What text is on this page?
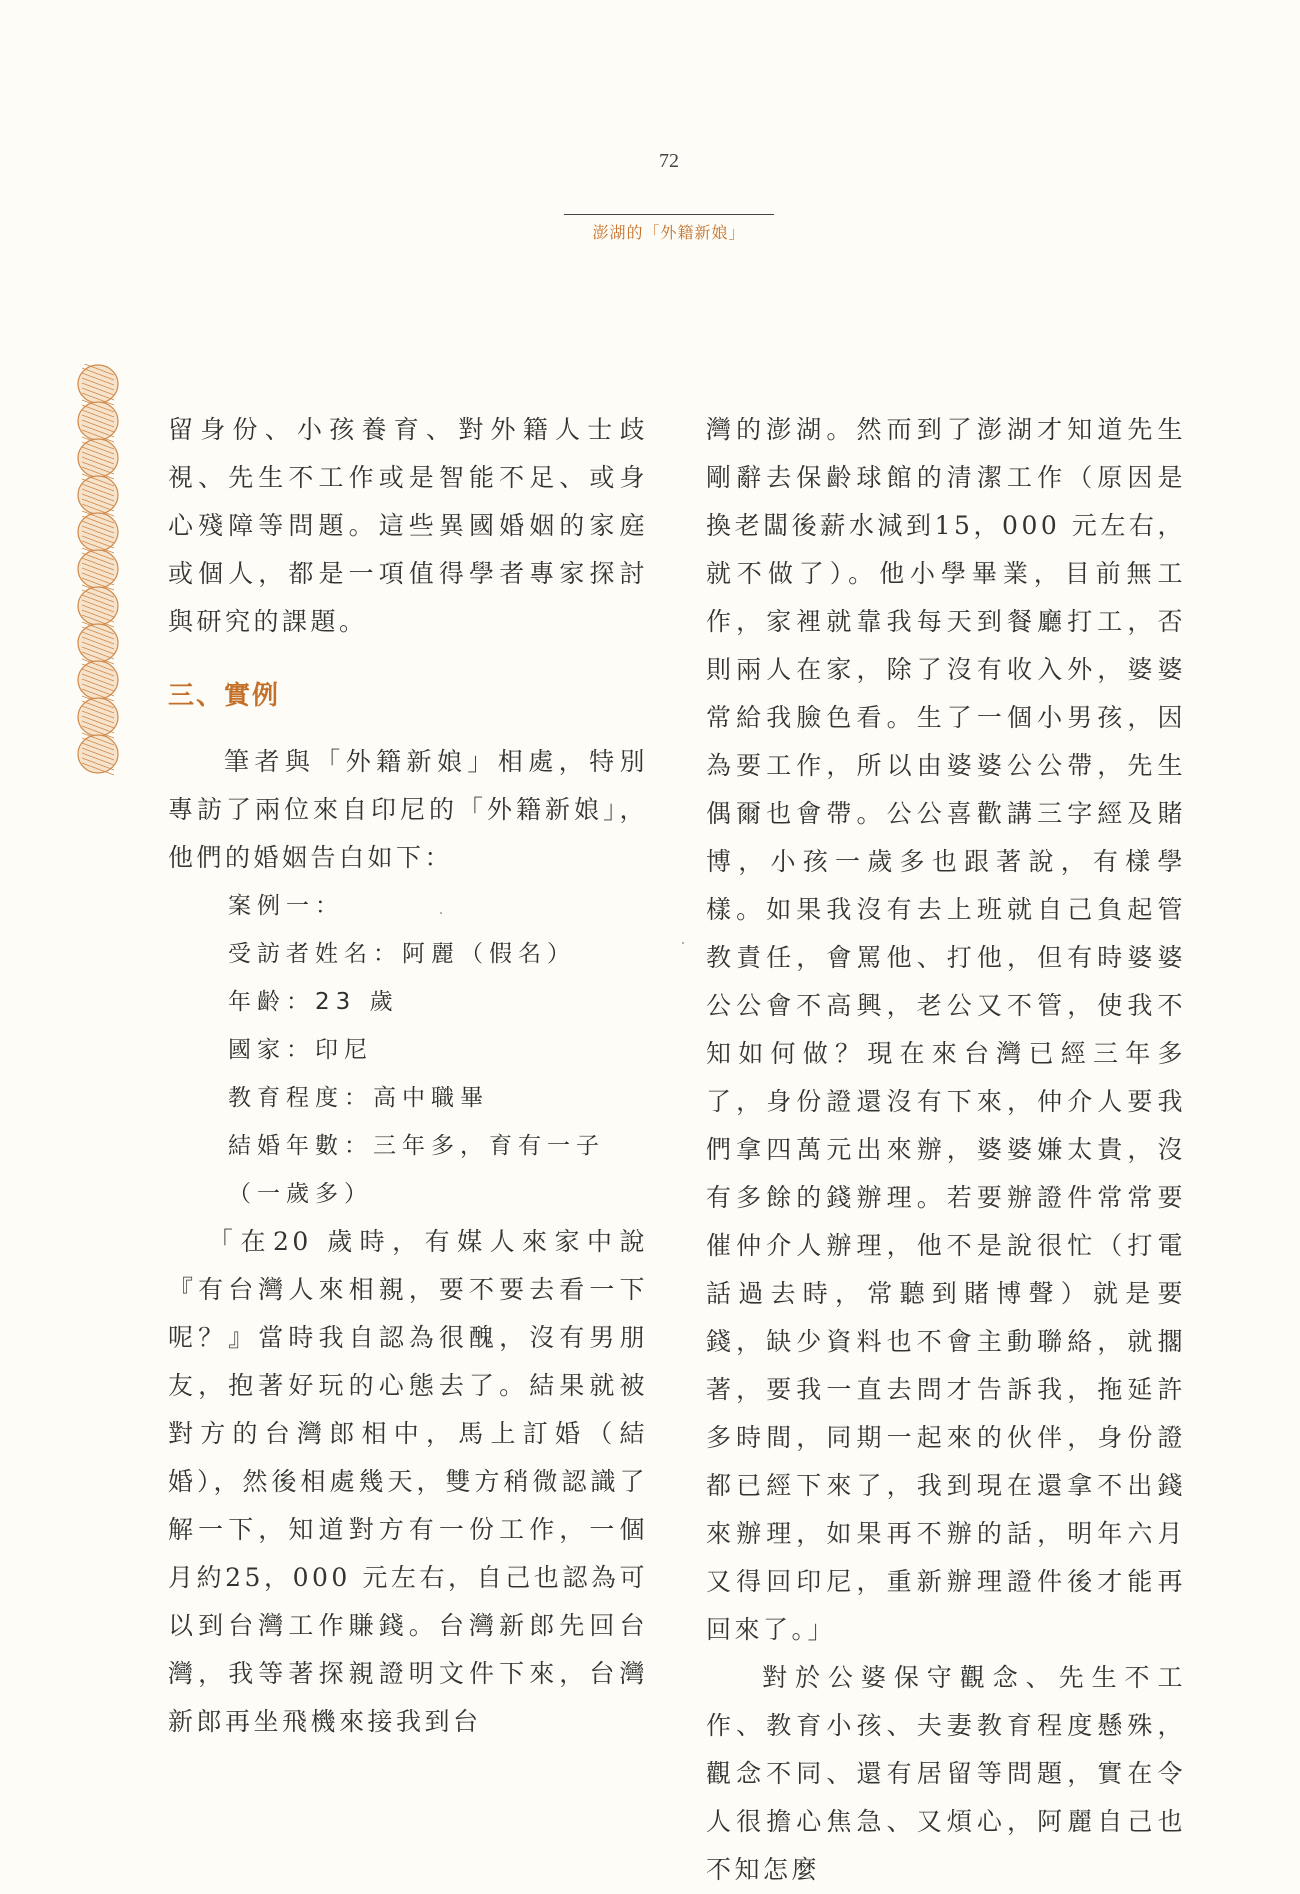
72
澎湖的「外籍新娘」

留身份、小孩養育、對外籍人士歧視、先生不工作或是智能不足、或身心殘障等問題。這些異國婚姻的家庭或個人，都是一項值得學者專家探討與研究的課題。

三、實例

筆者與「外籍新娘」相處，特別專訪了兩位來自印尼的「外籍新娘」，他們的婚姻告白如下：

案例一：

受訪者姓名：阿麗（假名）

年齡：23 歲

國家：印尼

教育程度：高中職畢

結婚年數：三年多，育有一子（一歲多）

「在20 歲時，有媒人來家中說『有台灣人來相親，要不要去看一下呢？』當時我自認為很醜，沒有男朋友，抱著好玩的心態去了。結果就被對方的台灣郎相中，馬上訂婚（結婚），然後相處幾天，雙方稍微認識了解一下，知道對方有一份工作，一個月約25，000 元左右，自己也認為可以到台灣工作賺錢。台灣新郎先回台灣，我等著探親證明文件下來，台灣新郎再坐飛機來接我到台

灣的澎湖。然而到了澎湖才知道先生剛辭去保齡球館的清潔工作（原因是換老闆後薪水減到15，000 元左右，就不做了）。他小學畢業，目前無工作，家裡就靠我每天到餐廳打工，否則兩人在家，除了沒有收入外，婆婆常給我臉色看。生了一個小男孩，因為要工作，所以由婆婆公公帶，先生偶爾也會帶。公公喜歡講三字經及賭博，小孩一歲多也跟著說，有樣學樣。如果我沒有去上班就自己負起管教責任，會罵他、打他，但有時婆婆公公會不高興，老公又不管，使我不知如何做？現在來台灣已經三年多了，身份證還沒有下來，仲介人要我們拿四萬元出來辦，婆婆嫌太貴，沒有多餘的錢辦理。若要辦證件常常要催仲介人辦理，他不是說很忙（打電話過去時，常聽到賭博聲）就是要錢，缺少資料也不會主動聯絡，就擱著，要我一直去問才告訴我，拖延許多時間，同期一起來的伙伴，身份證都已經下來了，我到現在還拿不出錢來辦理，如果再不辦的話，明年六月又得回印尼，重新辦理證件後才能再回來了。」

對於公婆保守觀念、先生不工作、教育小孩、夫妻教育程度懸殊，觀念不同、還有居留等問題，實在令人很擔心焦急、又煩心，阿麗自己也不知怎麼
